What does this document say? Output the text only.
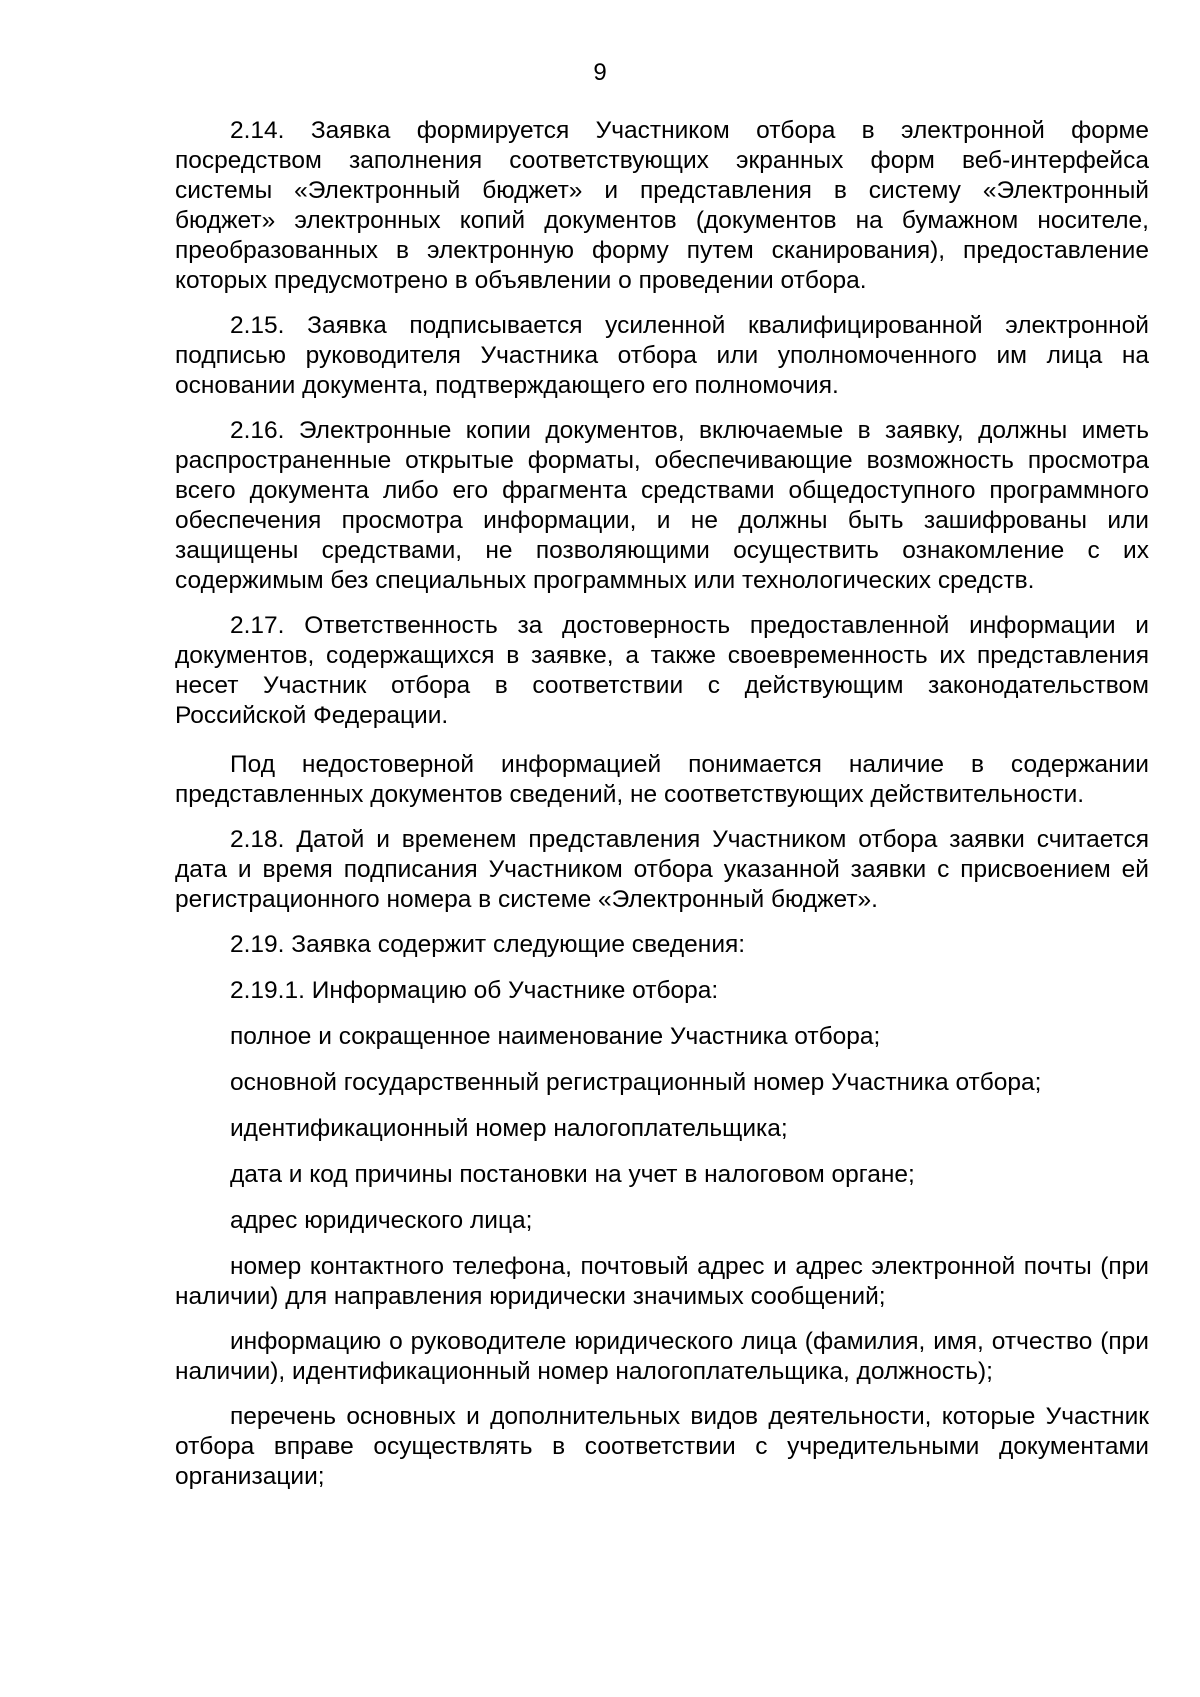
9

2.14. Заявка формируется Участником отбора в электронной форме посредством заполнения соответствующих экранных форм веб-интерфейса системы «Электронный бюджет» и представления в систему «Электронный бюджет» электронных копий документов (документов на бумажном носителе, преобразованных в электронную форму путем сканирования), предоставление которых предусмотрено в объявлении о проведении отбора.

2.15. Заявка подписывается усиленной квалифицированной электронной подписью руководителя Участника отбора или уполномоченного им лица на основании документа, подтверждающего его полномочия.

2.16. Электронные копии документов, включаемые в заявку, должны иметь распространенные открытые форматы, обеспечивающие возможность просмотра всего документа либо его фрагмента средствами общедоступного программного обеспечения просмотра информации, и не должны быть зашифрованы или защищены средствами, не позволяющими осуществить ознакомление с их содержимым без специальных программных или технологических средств.

2.17. Ответственность за достоверность предоставленной информации и документов, содержащихся в заявке, а также своевременность их представления несет Участник отбора в соответствии с действующим законодательством Российской Федерации.

Под недостоверной информацией понимается наличие в содержании представленных документов сведений, не соответствующих действительности.

2.18. Датой и временем представления Участником отбора заявки считается дата и время подписания Участником отбора указанной заявки с присвоением ей регистрационного номера в системе «Электронный бюджет».

2.19. Заявка содержит следующие сведения:

2.19.1. Информацию об Участнике отбора:

полное и сокращенное наименование Участника отбора;

основной государственный регистрационный номер Участника отбора;

идентификационный номер налогоплательщика;

дата и код причины постановки на учет в налоговом органе;

адрес юридического лица;

номер контактного телефона, почтовый адрес и адрес электронной почты (при наличии) для направления юридически значимых сообщений;

информацию о руководителе юридического лица (фамилия, имя, отчество (при наличии), идентификационный номер налогоплательщика, должность);

перечень основных и дополнительных видов деятельности, которые Участник отбора вправе осуществлять в соответствии с учредительными документами организации;
